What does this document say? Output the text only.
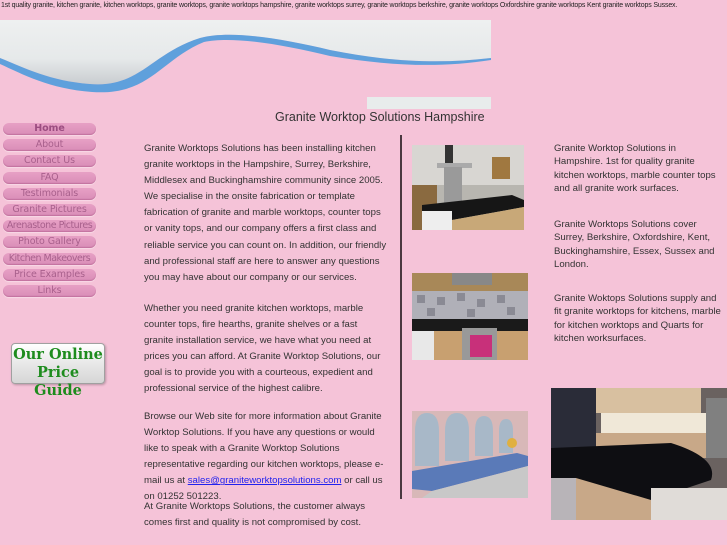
1st quality granite, kitchen granite, kitchen worktops, granite worktops, granite worktops hampshire, granite worktops surrey, granite worktops berkshire, granite worktops Oxfordshire granite worktops Kent granite worktops Sussex.
Granite Worktop Solutions Hampshire
Home
About
Contact Us
FAQ
Testimonials
Granite Pictures
Arenastone Pictures
Photo Gallery
Kitchen Makeovers
Price Examples
Links
Our Online
Price Guide
Granite Worktops Solutions has been installing kitchen granite worktops in the Hampshire, Surrey, Berkshire, Middlesex and Buckinghamshire community since 2005. We specialise in the onsite fabrication or template fabrication of granite and marble worktops, counter tops or vanity tops, and our company offers a first class and reliable service you can count on. In addition, our friendly and professional staff are here to answer any questions you may have about our company or our services.
Whether you need granite kitchen worktops, marble counter tops, fire hearths, granite shelves or a fast granite installation service, we have what you need at prices you can afford. At Granite Worktop Solutions, our goal is to provide you with a courteous, expedient and professional service of the highest calibre.
Browse our Web site for more information about Granite Worktop Solutions. If you have any questions or would like to speak with a Granite Worktop Solutions representative regarding our kitchen worktops, please e-mail us at sales@graniteworktopsolutions.com or call us on 01252 501223.
At Granite Worktops Solutions, the customer always comes first and quality is not compromised by cost.
Granite Worktop Solutions in Hampshire. 1st for quality granite kitchen worktops, marble counter tops and all granite work surfaces.
Granite Worktops Solutions cover Surrey, Berkshire, Oxfordshire, Kent, Buckinghamshire, Essex, Sussex and London.
Granite Woktops Solutions supply and fit granite worktops for kitchens, marble for kitchen worktops and Quarts for kitchen worksurfaces.
